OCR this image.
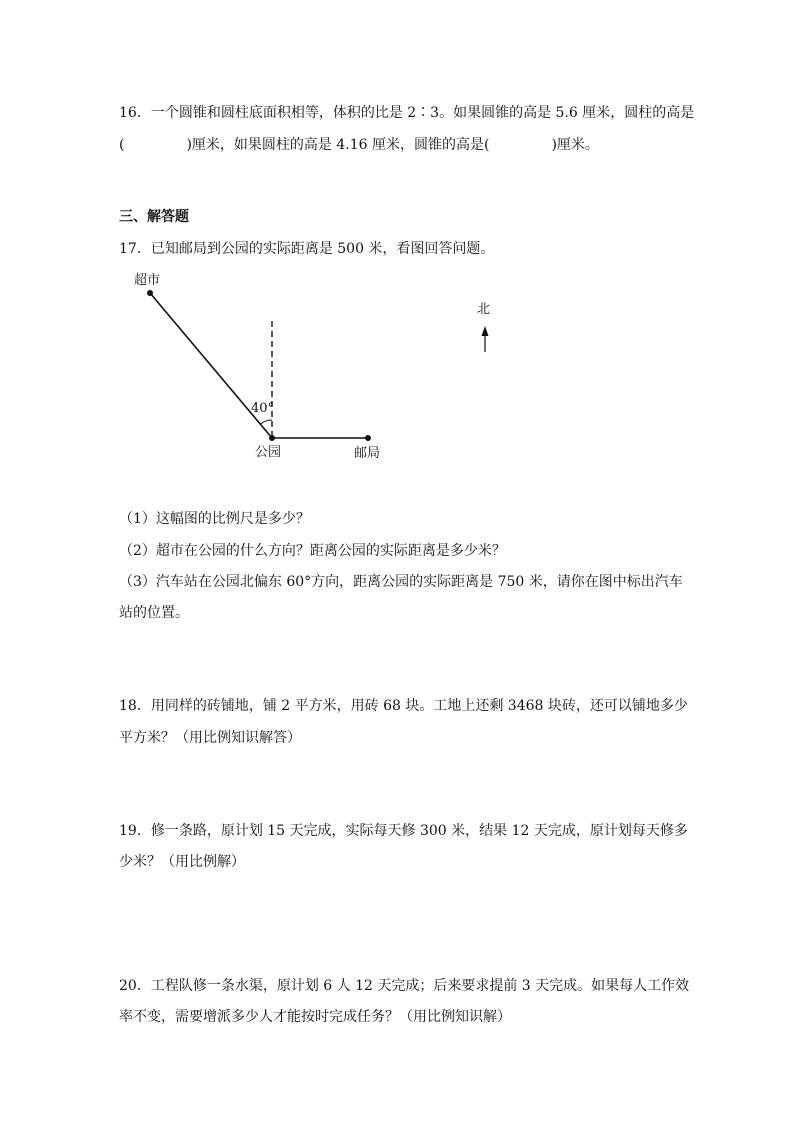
16．一个圆锥和圆柱底面积相等，体积的比是 2∶3。如果圆锥的高是 5.6 厘米，圆柱的高是
(	)厘米，如果圆柱的高是 4.16 厘米，圆锥的高是(	)厘米。
三、解答题
17．已知邮局到公园的实际距离是 500 米，看图回答问题。
超市
北
40°
公园	邮局
（1）这幅图的比例尺是多少？
（2）超市在公园的什么方向？距离公园的实际距离是多少米？
（3）汽车站在公园北偏东 60°方向，距离公园的实际距离是 750 米，请你在图中标出汽车
站的位置。
18．用同样的砖铺地，铺 2 平方米，用砖 68 块。工地上还剩 3468 块砖，还可以铺地多少
平方米？（用比例知识解答）
19．修一条路，原计划 15 天完成，实际每天修 300 米，结果 12 天完成，原计划每天修多
少米？（用比例解）
20．工程队修一条水渠，原计划 6 人 12 天完成；后来要求提前 3 天完成。如果每人工作效
率不变，需要增派多少人才能按时完成任务？（用比例知识解）
